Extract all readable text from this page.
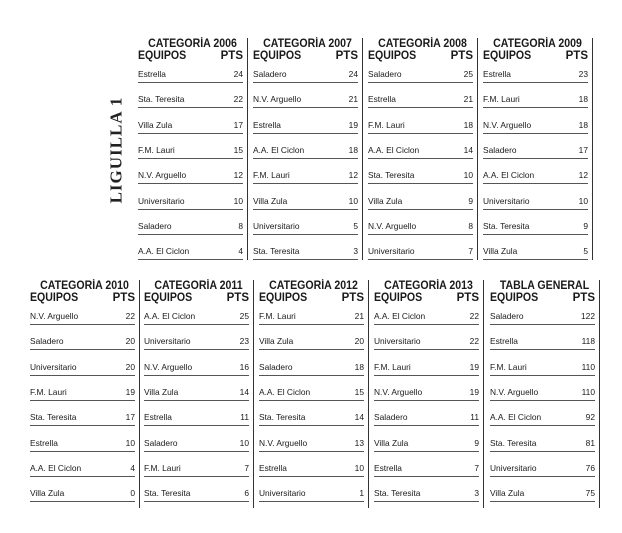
LIGUILLA 1
CATEGORÍA 2006
EQUIPOS	PTS
Estrella	24
Sta. Teresita	22
Villa Zula	17
F.M. Lauri	15
N.V. Arguello	12
Universitario	10
Saladero	8
A.A. El Ciclon	4
CATEGORÍA 2007
EQUIPOS	PTS
Saladero	24
N.V. Arguello	21
Estrella	19
A.A. El Ciclon	18
F.M. Lauri	12
Villa Zula	10
Universitario	5
Sta. Teresita	3
CATEGORÍA 2008
EQUIPOS	PTS
Saladero	25
Estrella	21
F.M. Lauri	18
A.A. El Ciclon	14
Sta. Teresita	10
Villa Zula	9
N.V. Arguello	8
Universitario	7
CATEGORÍA 2009
EQUIPOS	PTS
Estrella	23
F.M. Lauri	18
N.V. Arguello	18
Saladero	17
A.A. El Ciclon	12
Universitario	10
Sta. Teresita	9
Villa Zula	5
CATEGORÍA 2010
EQUIPOS	PTS
N.V. Arguello	22
Saladero	20
Universitario	20
F.M. Lauri	19
Sta. Teresita	17
Estrella	10
A.A. El Ciclon	4
Villa Zula	0
CATEGORÍA 2011
EQUIPOS	PTS
A.A. El Ciclon	25
Universitario	23
N.V. Arguello	16
Villa Zula	14
Estrella	11
Saladero	10
F.M. Lauri	7
Sta. Teresita	6
CATEGORÍA 2012
EQUIPOS	PTS
F.M. Lauri	21
Villa Zula	20
Saladero	18
A.A. El Ciclon	15
Sta. Teresita	14
N.V. Arguello	13
Estrella	10
Universitario	1
CATEGORÍA 2013
EQUIPOS	PTS
A.A. El Ciclon	22
Universitario	22
F.M. Lauri	19
N.V. Arguello	19
Saladero	11
Villa Zula	9
Estrella	7
Sta. Teresita	3
TABLA GENERAL
EQUIPOS	PTS
Saladero	122
Estrella	118
F.M. Lauri	110
N.V. Arguello	110
A.A. El Ciclon	92
Sta. Teresita	81
Universitario	76
Villa Zula	75
